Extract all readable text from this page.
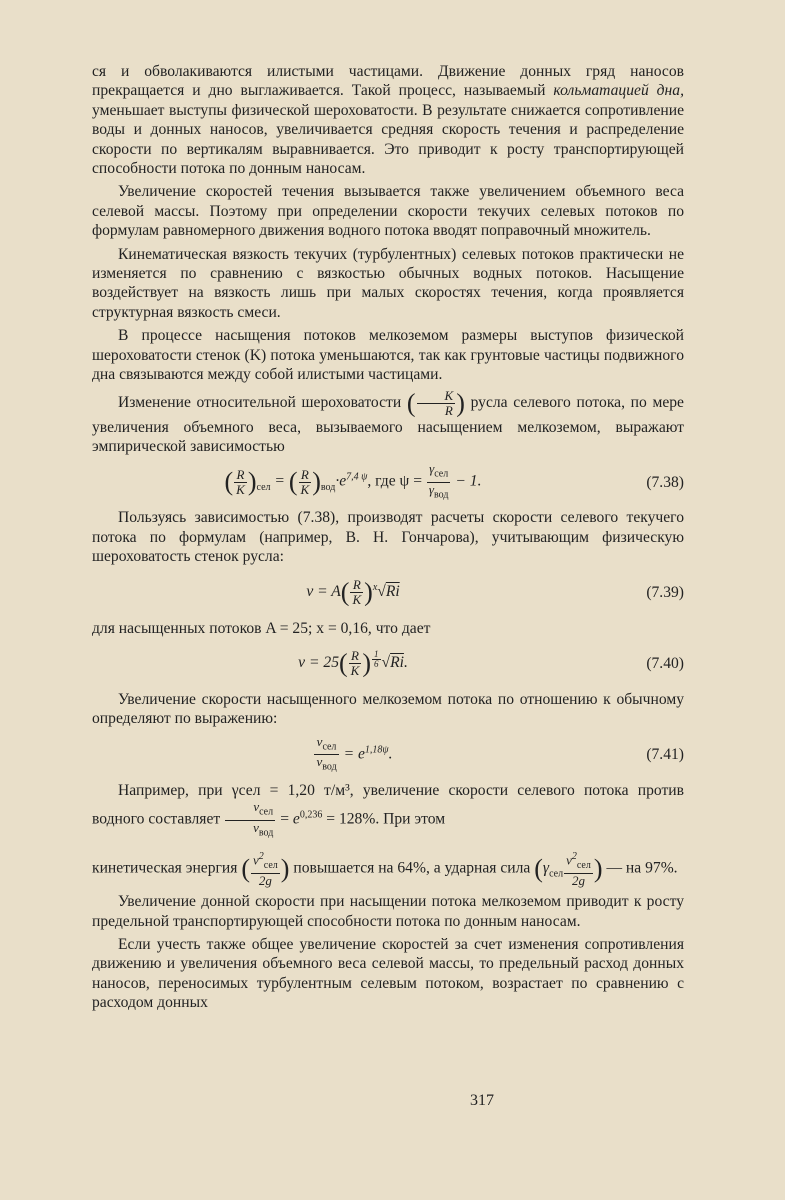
ся и обволакиваются илистыми частицами. Движение донных гряд наносов прекращается и дно выглаживается. Такой процесс, называемый кольматацией дна, уменьшает выступы физической шероховатости. В результате снижается сопротивление воды и донных наносов, увеличивается средняя скорость течения и распределение скорости по вертикалям выравнивается. Это приводит к росту транспортирующей способности потока по донным наносам.

Увеличение скоростей течения вызывается также увеличением объемного веса селевой массы. Поэтому при определении скорости текучих селевых потоков по формулам равномерного движения водного потока вводят поправочный множитель.

Кинематическая вязкость текучих (турбулентных) селевых потоков практически не изменяется по сравнению с вязкостью обычных водных потоков. Насыщение воздействует на вязкость лишь при малых скоростях течения, когда проявляется структурная вязкость смеси.

В процессе насыщения потоков мелкоземом размеры выступов физической шероховатости стенок (K) потока уменьшаются, так как грунтовые частицы подвижного дна связываются между собой илистыми частицами.

Изменение относительной шероховатости ( $\frac{K}{R}$ ) русла селевого потока, по мере увеличения объемного веса, вызываемого насыщением мелкоземом, выражают эмпирической зависимостью

( $\frac{R}{K} )_{сел}$ = ( $\frac{R}{K} )_{вод}\cdot e^{7,4 \psi}$, где $\psi = \frac{\gamma_{сел}}{\gamma_{вод}} - 1$.	(7.38)

Пользуясь зависимостью (7.38), производят расчеты скорости селевого текучего потока по формулам (например, В. Н. Гончарова), учитывающим физическую шероховатость стенок русла:

$v = A( \frac{R}{K} )^x√Ri$	(7.39)

для насыщенных потоков A = 25; x = 0,16, что дает

$v = 25( \frac{R}{K}$ ) $^{\frac{1}{6}}$ √Ri.	(7.40)

Увеличение скорости насыщенного мелкоземом потока по отношению к обычному определяют по выражению:

$\frac{v_{сел}}{v_{вод}} = e^{1,18\psi}$.	(7.41)

Например, при γсел = 1,20 т/м³, увеличение скорости селевого потока против водного составляет $\frac{v_{сел}}{v_{вод}} = e^{0,236} = 128\%$. При этом

кинетическая энергия ( $\frac{v^2_{сел}}{2g}$ ) повышается на 64%, а ударная сила ($\gamma_{сел} \frac{v^2_{сел}}{2g}$ ) — на 97%.

Увеличение донной скорости при насыщении потока мелкоземом приводит к росту предельной транспортирующей способности потока по донным наносам.

Если учесть также общее увеличение скоростей за счет изменения сопротивления движению и увеличения объемного веса селевой массы, то предельный расход донных наносов, переносимых турбулентным селевым потоком, возрастает по сравнению с расходом донных

317
